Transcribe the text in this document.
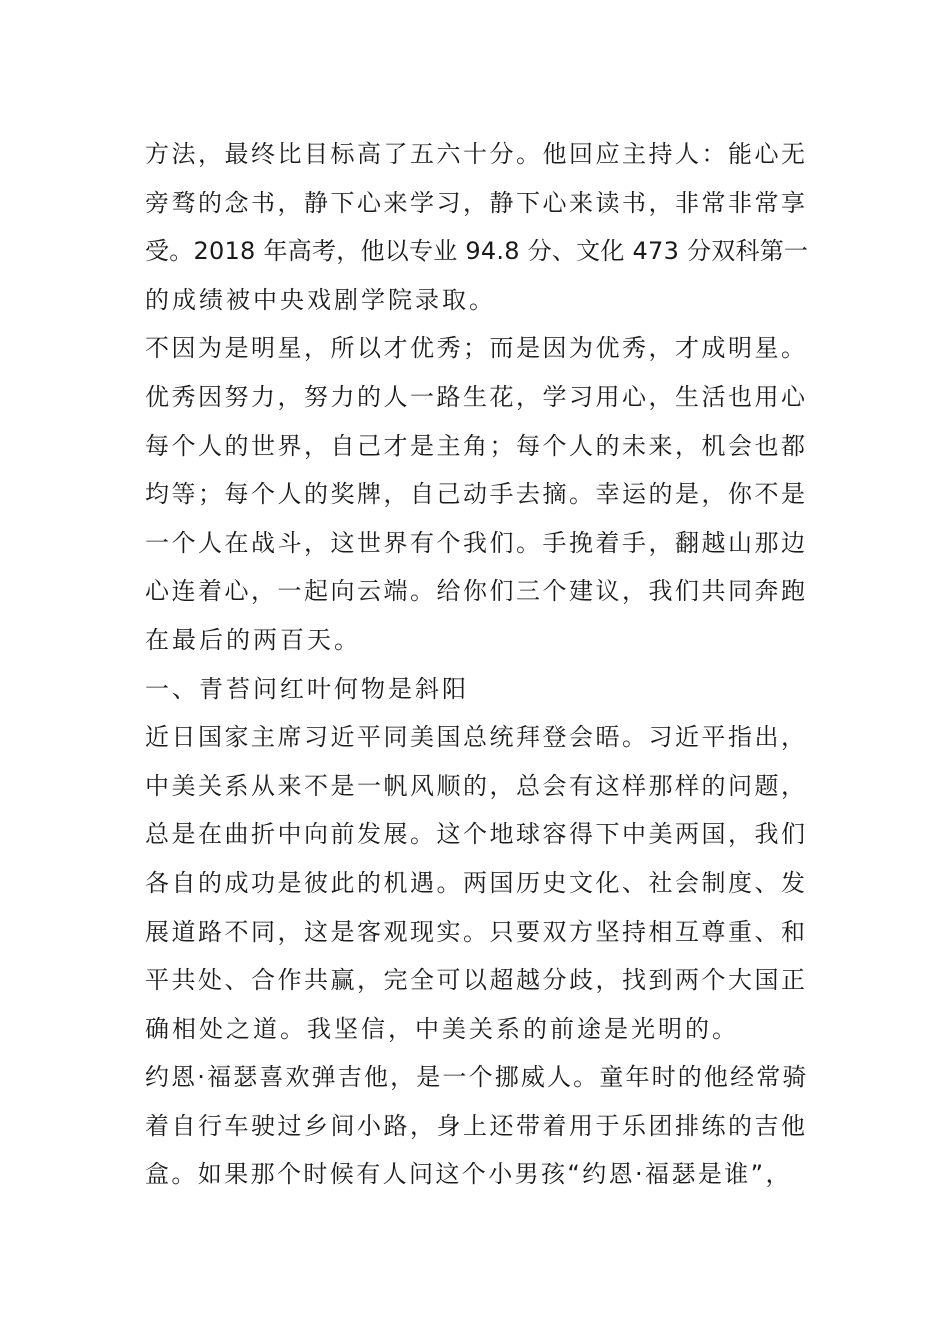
方法，最终比目标高了五六十分。他回应主持人：能心无
旁骛的念书，静下心来学习，静下心来读书，非常非常享
受。2018 年高考，他以专业 94.8 分、文化 473 分双科第一
的成绩被中央戏剧学院录取。
不因为是明星，所以才优秀；而是因为优秀，才成明星。
优秀因努力，努力的人一路生花，学习用心，生活也用心
每个人的世界，自己才是主角；每个人的未来，机会也都
均等；每个人的奖牌，自己动手去摘。幸运的是，你不是
一个人在战斗，这世界有个我们。手挽着手，翻越山那边
心连着心，一起向云端。给你们三个建议，我们共同奔跑
在最后的两百天。
一、青苔问红叶何物是斜阳
近日国家主席习近平同美国总统拜登会晤。习近平指出，
中美关系从来不是一帆风顺的，总会有这样那样的问题，
总是在曲折中向前发展。这个地球容得下中美两国，我们
各自的成功是彼此的机遇。两国历史文化、社会制度、发
展道路不同，这是客观现实。只要双方坚持相互尊重、和
平共处、合作共赢，完全可以超越分歧，找到两个大国正
确相处之道。我坚信，中美关系的前途是光明的。
约恩·福瑟喜欢弹吉他，是一个挪威人。童年时的他经常骑
着自行车驶过乡间小路，身上还带着用于乐团排练的吉他
盒。如果那个时候有人问这个小男孩“约恩·福瑟是谁”，
